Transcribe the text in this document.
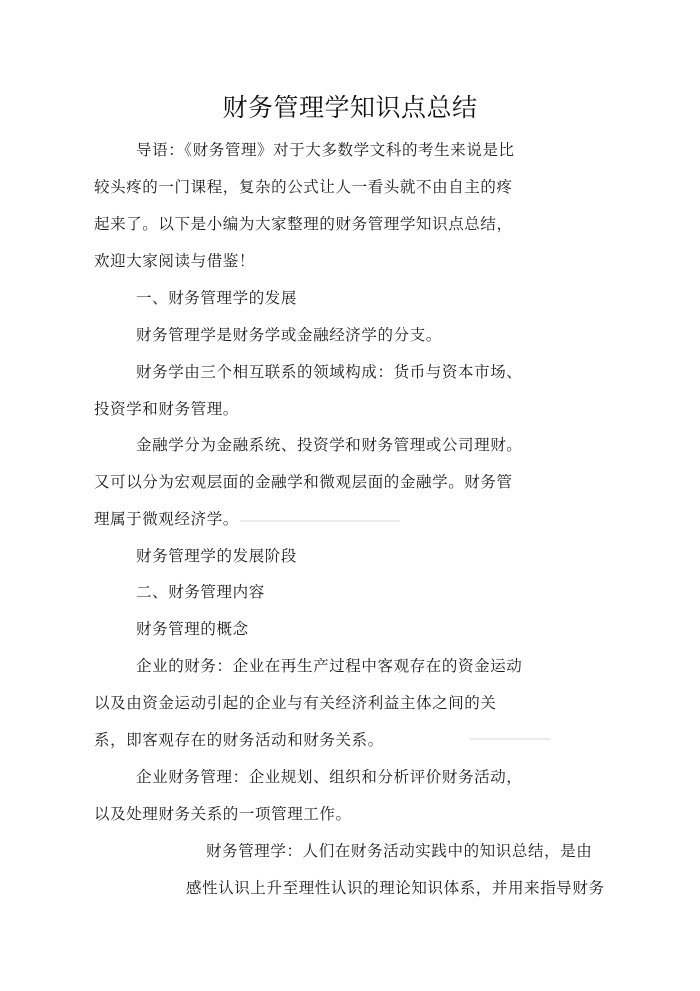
财务管理学知识点总结
导语：《财务管理》对于大多数学文科的考生来说是比
较头疼的一门课程，复杂的公式让人一看头就不由自主的疼
起来了。以下是小编为大家整理的财务管理学知识点总结，
欢迎大家阅读与借鉴！
一、财务管理学的发展
财务管理学是财务学或金融经济学的分支。
财务学由三个相互联系的领域构成：货币与资本市场、
投资学和财务管理。
金融学分为金融系统、投资学和财务管理或公司理财。
又可以分为宏观层面的金融学和微观层面的金融学。财务管
理属于微观经济学。
财务管理学的发展阶段
二、财务管理内容
财务管理的概念
企业的财务：企业在再生产过程中客观存在的资金运动
以及由资金运动引起的企业与有关经济利益主体之间的关
系，即客观存在的财务活动和财务关系。
企业财务管理：企业规划、组织和分析评价财务活动，
以及处理财务关系的一项管理工作。
财务管理学：人们在财务活动实践中的知识总结，是由
感性认识上升至理性认识的理论知识体系，并用来指导财务
